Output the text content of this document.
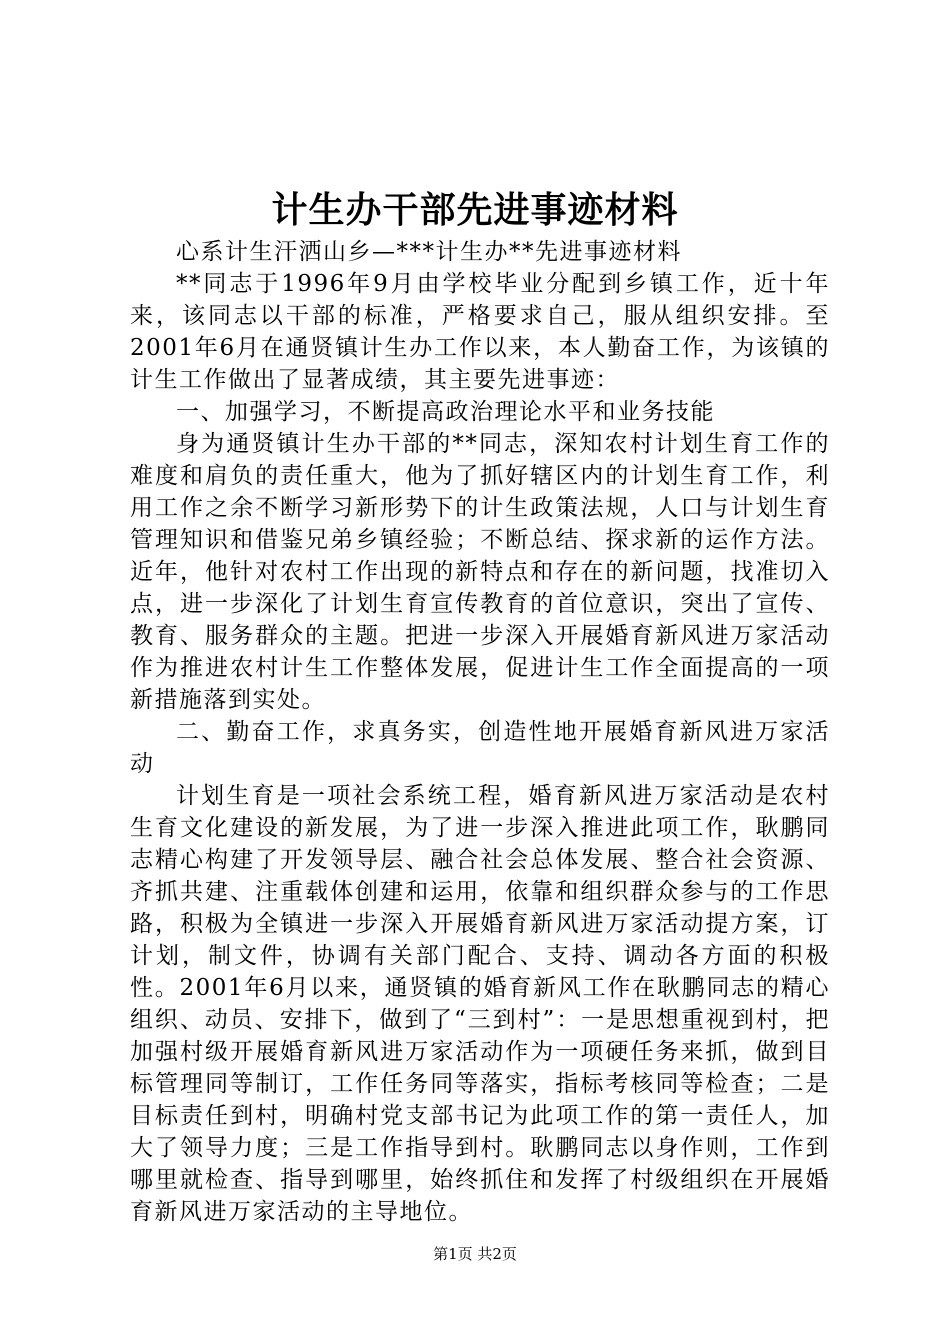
计生办干部先进事迹材料

心系计生汗洒山乡—***计生办**先进事迹材料

**同志于1996年9月由学校毕业分配到乡镇工作，近十年来，该同志以干部的标准，严格要求自己，服从组织安排。至2001年6月在通贤镇计生办工作以来，本人勤奋工作，为该镇的计生工作做出了显著成绩，其主要先进事迹：

一、加强学习，不断提高政治理论水平和业务技能

身为通贤镇计生办干部的**同志，深知农村计划生育工作的难度和肩负的责任重大，他为了抓好辖区内的计划生育工作，利用工作之余不断学习新形势下的计生政策法规，人口与计划生育管理知识和借鉴兄弟乡镇经验；不断总结、探求新的运作方法。近年，他针对农村工作出现的新特点和存在的新问题，找准切入点，进一步深化了计划生育宣传教育的首位意识，突出了宣传、教育、服务群众的主题。把进一步深入开展婚育新风进万家活动作为推进农村计生工作整体发展，促进计生工作全面提高的一项新措施落到实处。

二、勤奋工作，求真务实，创造性地开展婚育新风进万家活动

计划生育是一项社会系统工程，婚育新风进万家活动是农村生育文化建设的新发展，为了进一步深入推进此项工作，耿鹏同志精心构建了开发领导层、融合社会总体发展、整合社会资源、齐抓共建、注重载体创建和运用，依靠和组织群众参与的工作思路，积极为全镇进一步深入开展婚育新风进万家活动提方案，订计划，制文件，协调有关部门配合、支持、调动各方面的积极性。2001年6月以来，通贤镇的婚育新风工作在耿鹏同志的精心组织、动员、安排下，做到了“三到村”：一是思想重视到村，把加强村级开展婚育新风进万家活动作为一项硬任务来抓，做到目标管理同等制订，工作任务同等落实，指标考核同等检查；二是目标责任到村，明确村党支部书记为此项工作的第一责任人，加大了领导力度；三是工作指导到村。耿鹏同志以身作则，工作到哪里就检查、指导到哪里，始终抓住和发挥了村级组织在开展婚育新风进万家活动的主导地位。

第1页 共2页
